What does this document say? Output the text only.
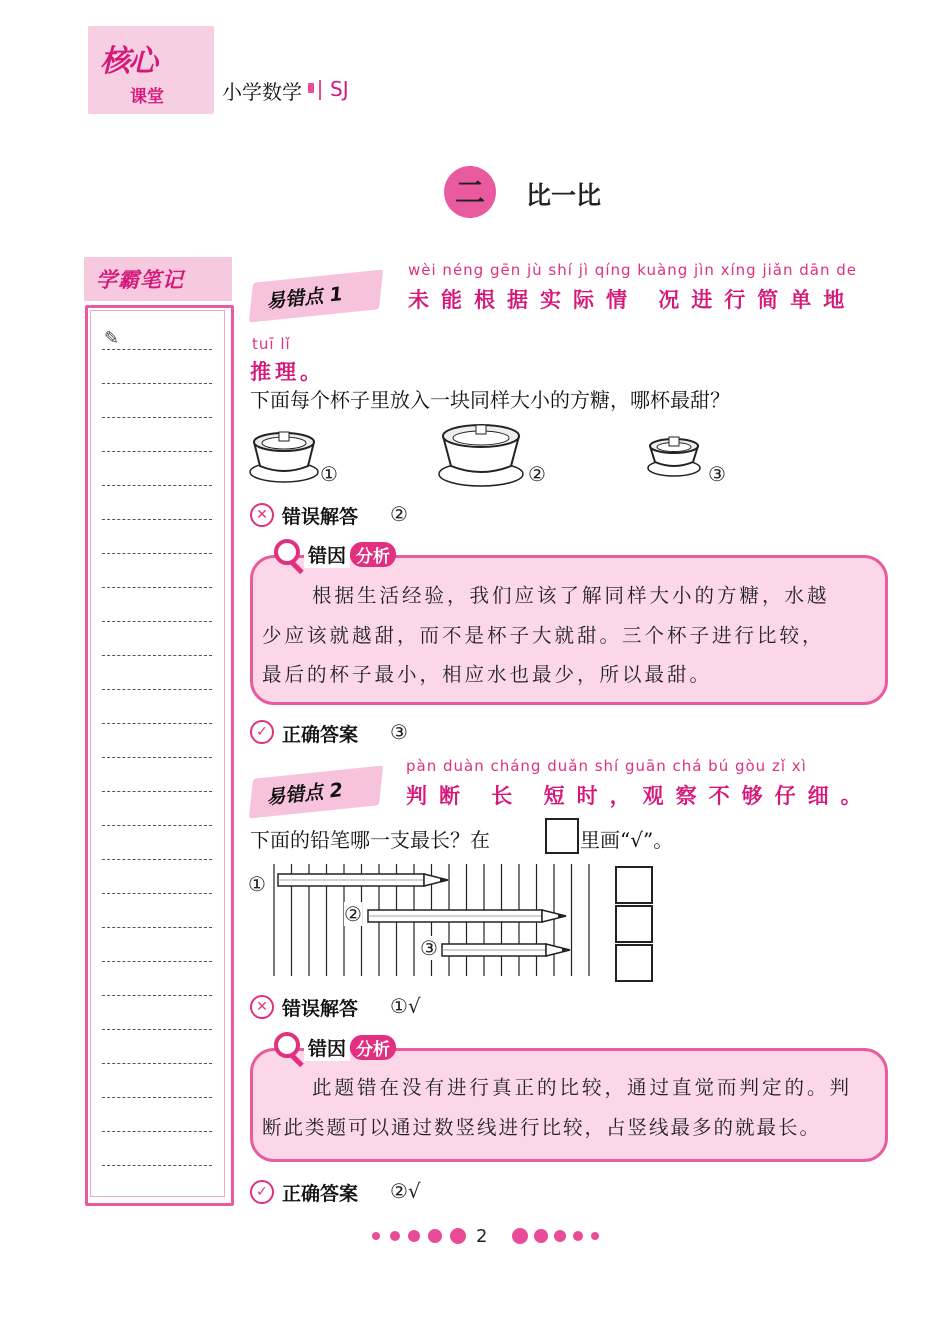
核心
课堂	小学数学 SJ
二	比一比
学霸笔记
✎
易错点 1
wèi néng gēn jù shí jì qíng kuàng jìn xíng jiǎn dān de
未能根据实际情 况进行简单地
tuī lǐ
推理。
下面每个杯子里放入一块同样大小的方糖，哪杯最甜？
①	②	③
✕ 错误解答 ②
错因 分析
根据生活经验，我们应该了解同样大小的方糖，水越
少应该就越甜，而不是杯子大就甜。三个杯子进行比较，
最后的杯子最小，相应水也最少，所以最甜。
✓ 正确答案 ③
易错点 2
pàn duàn cháng duǎn shí guān chá bú gòu zǐ xì
判断 长 短时，观察不够仔细。
下面的铅笔哪一支最长？在	里画“√”。
①
②
③
✕ 错误解答 ①√
错因 分析
此题错在没有进行真正的比较，通过直觉而判定的。判
断此类题可以通过数竖线进行比较，占竖线最多的就最长。
✓ 正确答案 ②√
2
